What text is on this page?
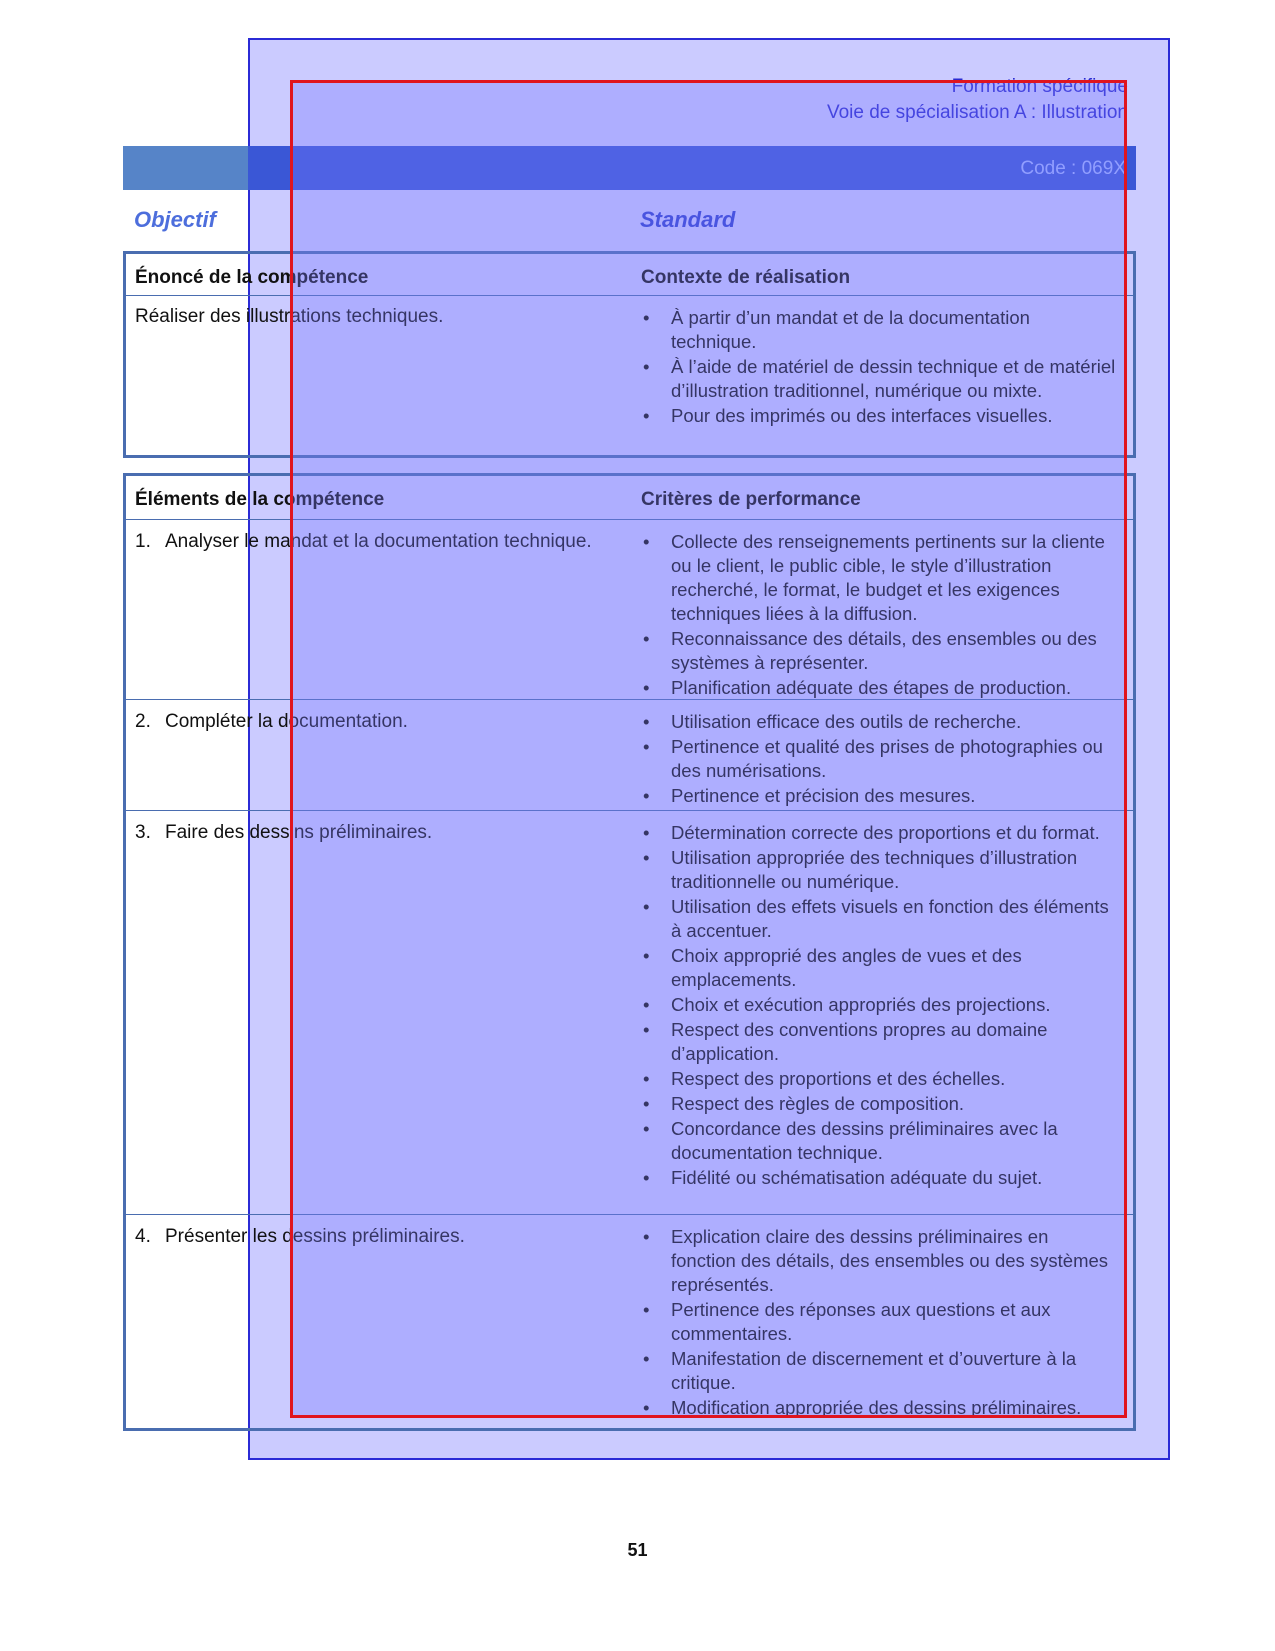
Formation spécifique
Voie de spécialisation A : Illustration
Code : 069X
Objectif	Standard
Énoncé de la compétence	Contexte de réalisation
Réaliser des illustrations techniques.	• À partir d’un mandat et de la documentation technique.
• À l’aide de matériel de dessin technique et de matériel d’illustration traditionnel, numérique ou mixte.
• Pour des imprimés ou des interfaces visuelles.
Éléments de la compétence	Critères de performance
1. Analyser le mandat et la documentation technique.	• Collecte des renseignements pertinents sur la cliente ou le client, le public cible, le style d’illustration recherché, le format, le budget et les exigences techniques liées à la diffusion.
• Reconnaissance des détails, des ensembles ou des systèmes à représenter.
• Planification adéquate des étapes de production.
2. Compléter la documentation.	• Utilisation efficace des outils de recherche.
• Pertinence et qualité des prises de photographies ou des numérisations.
• Pertinence et précision des mesures.
3. Faire des dessins préliminaires.	• Détermination correcte des proportions et du format.
• Utilisation appropriée des techniques d’illustration traditionnelle ou numérique.
• Utilisation des effets visuels en fonction des éléments à accentuer.
• Choix approprié des angles de vues et des emplacements.
• Choix et exécution appropriés des projections.
• Respect des conventions propres au domaine d’application.
• Respect des proportions et des échelles.
• Respect des règles de composition.
• Concordance des dessins préliminaires avec la documentation technique.
• Fidélité ou schématisation adéquate du sujet.
4. Présenter les dessins préliminaires.	• Explication claire des dessins préliminaires en fonction des détails, des ensembles ou des systèmes représentés.
• Pertinence des réponses aux questions et aux commentaires.
• Manifestation de discernement et d’ouverture à la critique.
• Modification appropriée des dessins préliminaires.
51
